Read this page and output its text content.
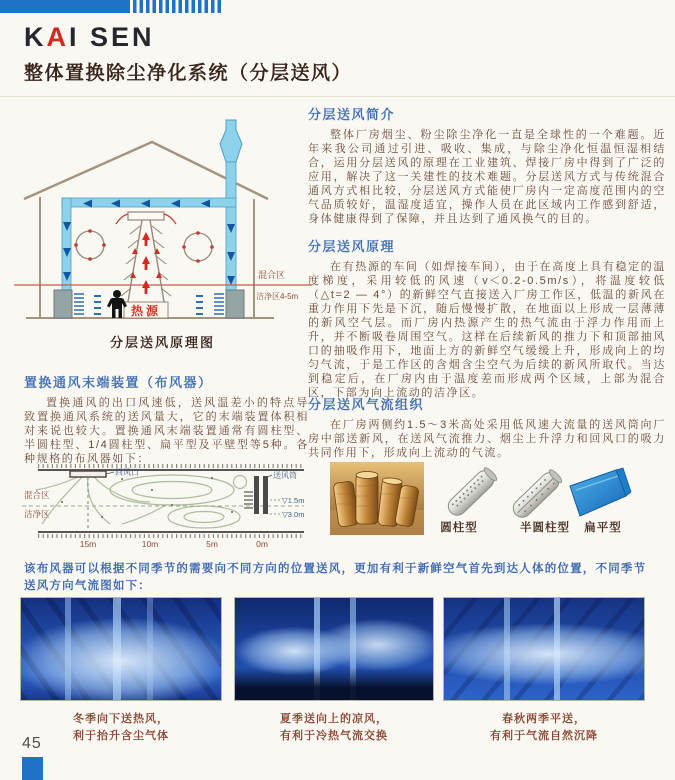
KAI SEN
整体置换除尘净化系统（分层送风）
混合区
洁净区4-5m
热源
分层送风原理图
分层送风简介
整体厂房烟尘、粉尘除尘净化一直是全球性的一个难题。近年来我公司通过引进、吸收、集成，与除尘净化恒温恒湿相结合，运用分层送风的原理在工业建筑、焊接厂房中得到了广泛的应用，解决了这一关建性的技术难题。分层送风方式与传统混合通风方式相比较，分层送风方式能使厂房内一定高度范围内的空气品质较好，温湿度适宜，操作人员在此区域内工作感到舒适，身体健康得到了保障，并且达到了通风换气的目的。
分层送风原理
在有热源的车间（如焊接车间），由于在高度上具有稳定的温度梯度，采用较低的风速（v＜0.2-0.5m/s），将温度较低（△t=2 — 4°）的新鲜空气直接送入厂房工作区，低温的新风在重力作用下先是下沉，随后慢慢扩散，在地面以上形成一层薄薄的新风空气层。而厂房内热源产生的热气流由于浮力作用而上升，并不断吸卷周围空气。这样在后续新风的推力下和顶部抽风口的抽吸作用下，地面上方的新鲜空气缓缓上升，形成向上的均匀气流，于是工作区的含烟含尘空气为后续的新风所取代。当达到稳定后，在厂房内由于温度差而形成两个区域，上部为混合区，下部为向上流动的洁净区。
分层送风气流组织
在厂房两侧约1.5～3米高处采用低风速大流量的送风筒向厂房中部送新风，在送风气流推力、烟尘上升浮力和回风口的吸力共同作用下，形成向上流动的气流。
置换通风末端装置（布风器）
置换通风的出口风速低，送风温差小的特点导致置换通风系统的送风量大，它的末端装置体积相对来说也较大。置换通风末端装置通常有圆柱型、半圆柱型、1/4圆柱型、扁平型及平壁型等5种。各种规格的布风器如下：
回风口
混合区
洁净区
送风筒
▽1.5m
▽3.0m
15m	10m	5m	0m
圆柱型	半圆柱型	扁平型
该布风器可以根据不同季节的需要向不同方向的位置送风，更加有利于新鲜空气首先到达人体的位置，不同季节送风方向气流图如下：
冬季向下送热风，
利于抬升含尘气体
夏季送向上的凉风，
有利于冷热气流交换
春秋两季平送，
有利于气流自然沉降
45
